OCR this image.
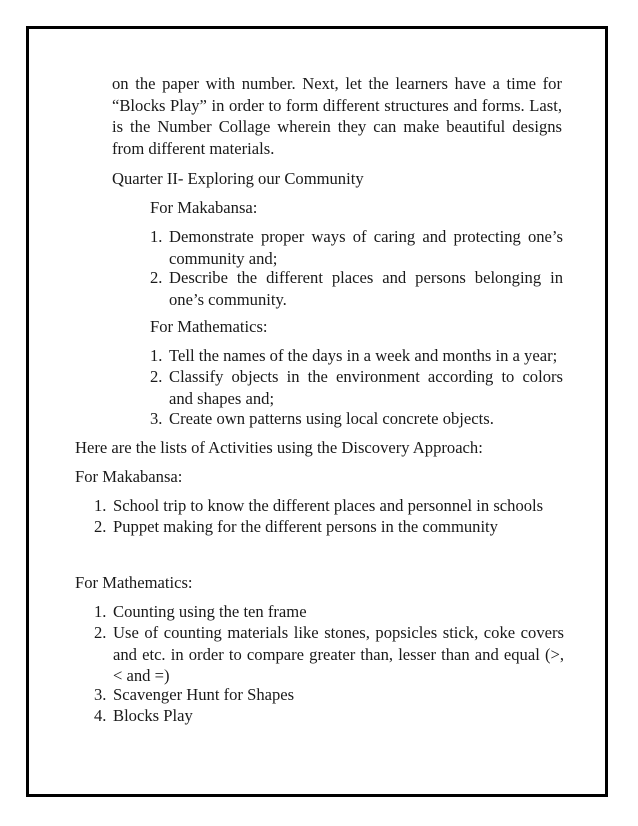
on the paper with number. Next, let the learners have a time for
“Blocks Play” in order to form different structures and forms. Last,
is the Number Collage wherein they can make beautiful designs
from different materials.

Quarter II- Exploring our Community

For Makabansa:

1. Demonstrate proper ways of caring and protecting one’s
community and;
2. Describe the different places and persons belonging in
one’s community.

For Mathematics:

1. Tell the names of the days in a week and months in a year;
2. Classify objects in the environment according to colors
and shapes and;
3. Create own patterns using local concrete objects.

Here are the lists of Activities using the Discovery Approach:

For Makabansa:

1. School trip to know the different places and personnel in schools
2. Puppet making for the different persons in the community

For Mathematics:

1. Counting using the ten frame
2. Use of counting materials like stones, popsicles stick, coke covers
and etc. in order to compare greater than, lesser than and equal (>,
< and =)
3. Scavenger Hunt for Shapes
4. Blocks Play
